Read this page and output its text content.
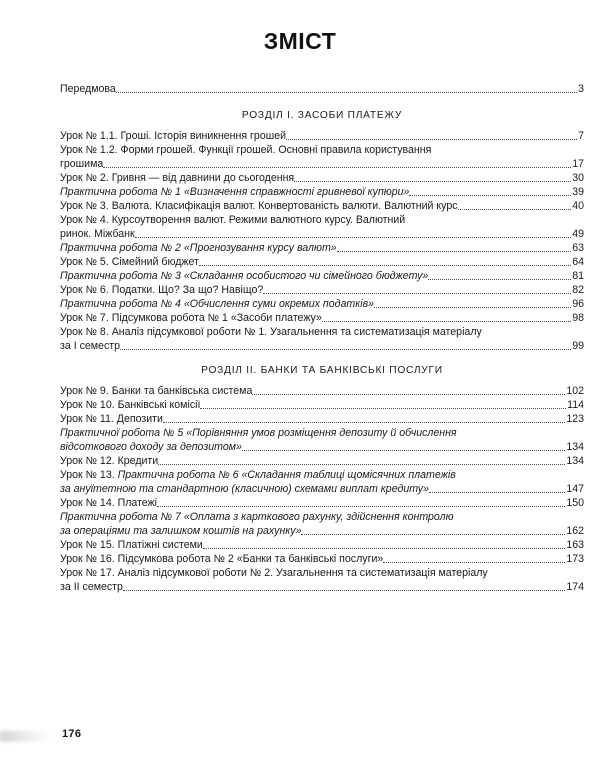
ЗМІСТ
Передмова	3
РОЗДІЛ I. ЗАСОБИ ПЛАТЕЖУ
Урок № 1.1. Гроші. Історія виникнення грошей	7
Урок № 1.2. Форми грошей. Функції грошей. Основні правила користування
грошима	17
Урок № 2. Гривня — від давнини до сьогодення	30
Практична робота № 1 «Визначення справжності гривневої купюри»	39
Урок № 3. Валюта. Класифікація валют. Конвертованість валюти. Валютний курс	40
Урок № 4. Курсоутворення валют. Режими валютного курсу. Валютний
ринок. Міжбанк	49
Практична робота № 2 «Прогнозування курсу валют»	63
Урок № 5. Сімейний бюджет	64
Практична робота № 3 «Складання особистого чи сімейного бюджету»	81
Урок № 6. Податки. Що? За що? Навіщо?	82
Практична робота № 4 «Обчислення суми окремих податків»	96
Урок № 7. Підсумкова робота № 1 «Засоби платежу»	98
Урок № 8. Аналіз підсумкової роботи № 1. Узагальнення та систематизація матеріалу
за I семестр	99
РОЗДІЛ II. БАНКИ ТА БАНКІВСЬКІ ПОСЛУГИ
Урок № 9. Банки та банківська система	102
Урок № 10. Банківські комісії	114
Урок № 11. Депозити	123
Практичної робота № 5 «Порівняння умов розміщення депозиту й обчислення
відсоткового доходу за депозитом»	134
Урок № 12. Кредити	134
Урок № 13. Практична робота № 6 «Складання таблиці щомісячних платежів
за ануїтетною та стандартною (класичною) схемами виплат кредиту»	147
Урок № 14. Платежі	150
Практична робота № 7 «Оплата з карткового рахунку, здійснення контролю
за операціями та залишком коштів на рахунку»	162
Урок № 15. Платіжні системи	163
Урок № 16. Підсумкова робота № 2 «Банки та банківські послуги»	173
Урок № 17. Аналіз підсумкової роботи № 2. Узагальнення та систематизація матеріалу
за II семестр	174
176
